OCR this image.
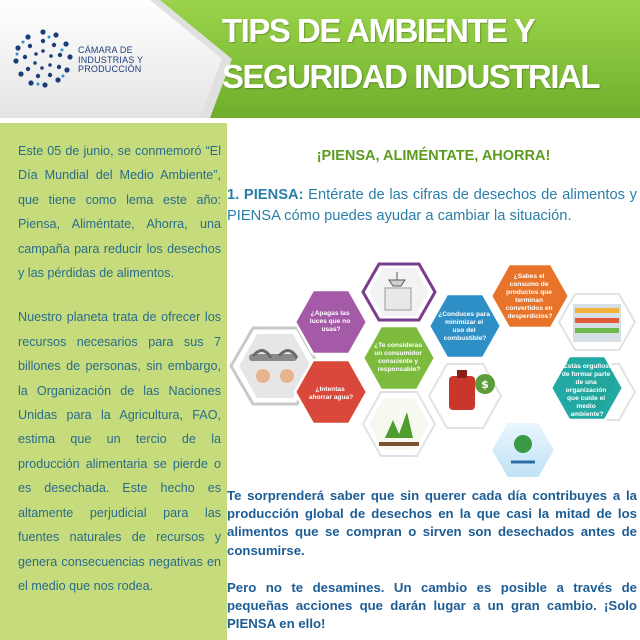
CÁMARA DE
INDUSTRIAS Y
PRODUCCIÓN
TIPS DE AMBIENTE Y
SEGURIDAD INDUSTRIAL

Este 05 de junio, se conmemoró “El Día Mundial del Medio Ambiente”, que tiene como lema este año: Piensa, Aliméntate, Ahorra, una campaña para reducir los desechos y las pérdidas de alimentos.

Nuestro planeta trata de ofrecer los recursos necesarios para sus 7 billones de personas, sin embargo, la Organización de las Naciones Unidas para la Agricultura, FAO, estima que un tercio de la producción alimentaria se pierde o es desechada. Este hecho es altamente perjudicial para las fuentes naturales de recursos y genera consecuencias negativas en el medio que nos rodea.

¡PIENSA, ALIMÉNTATE, AHORRA!
1. PIENSA: Entérate de las cifras de desechos de alimentos y PIENSA cómo puedes ayudar a cambiar la situación.
¿Apagas las luces que no usas?
¿Intentas ahorrar agua?
¿Te consideras un consumidor consciente y responsable?
¿Conduces para minimizar el uso del combustible?
$
¿Sabes el consumo de productos que terminan convertidos en desperdicios?
¿Estás orgulloso de formar parte de una organización que cuide el medio ambiente?
Te sorprenderá saber que sin querer cada día contribuyes a la producción global de desechos en la que casi la mitad de los alimentos que se compran o sirven son desechados antes de consumirse.
Pero no te desamines. Un cambio es posible a través de pequeñas acciones que darán lugar a un gran cambio. ¡Solo PIENSA en ello!
